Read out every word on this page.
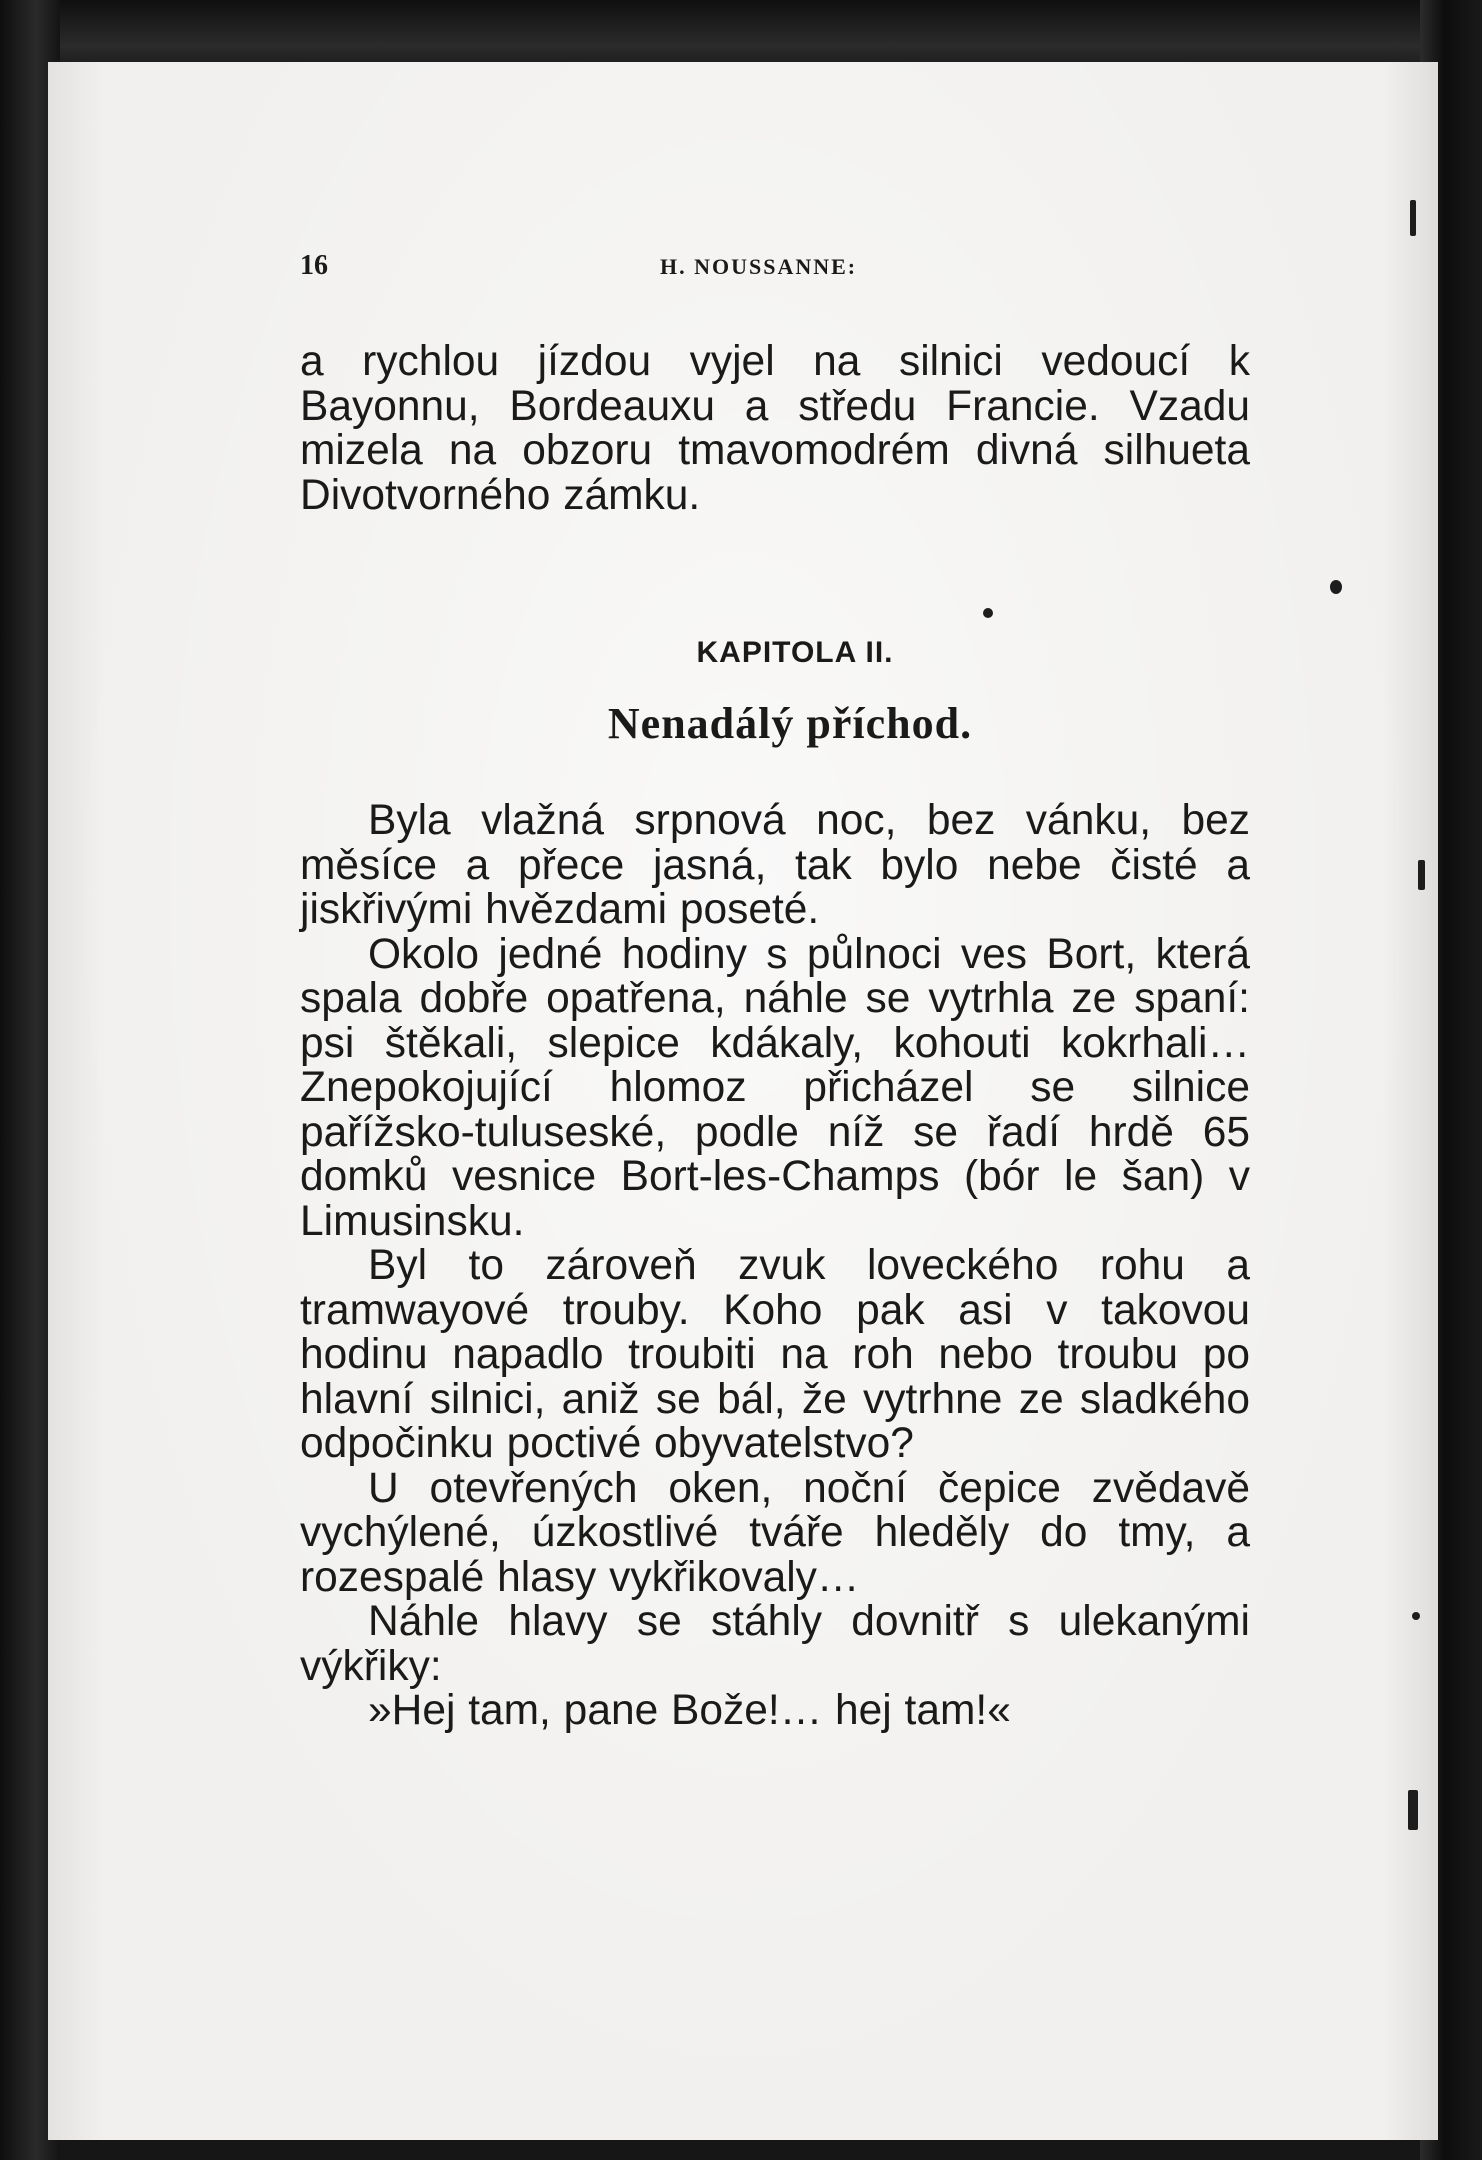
16	H. NOUSSANNE:

a rychlou jízdou vyjel na silnici vedoucí k Bayonnu, Bordeauxu a středu Francie. Vzadu mizela na obzoru tmavomodrém divná silhueta Divotvorného zámku.

KAPITOLA II.
Nenadálý příchod.

Byla vlažná srpnová noc, bez vánku, bez měsíce a přece jasná, tak bylo nebe čisté a jiskřivými hvězdami poseté.

Okolo jedné hodiny s půlnoci ves Bort, která spala dobře opatřena, náhle se vytrhla ze spaní: psi štěkali, slepice kdákaly, kohouti kokrhali… Znepokojující hlomoz přicházel se silnice pařížsko-tuluseské, podle níž se řadí hrdě 65 domků vesnice Bort-les-Champs (bór le šan) v Limusinsku.

Byl to zároveň zvuk loveckého rohu a tramwayové trouby. Koho pak asi v takovou hodinu napadlo troubiti na roh nebo troubu po hlavní silnici, aniž se bál, že vytrhne ze sladkého odpočinku poctivé obyvatelstvo?

U otevřených oken, noční čepice zvědavě vychýlené, úzkostlivé tváře hleděly do tmy, a rozespalé hlasy vykřikovaly…

Náhle hlavy se stáhly dovnitř s ulekanými výkřiky:

»Hej tam, pane Bože!… hej tam!«
